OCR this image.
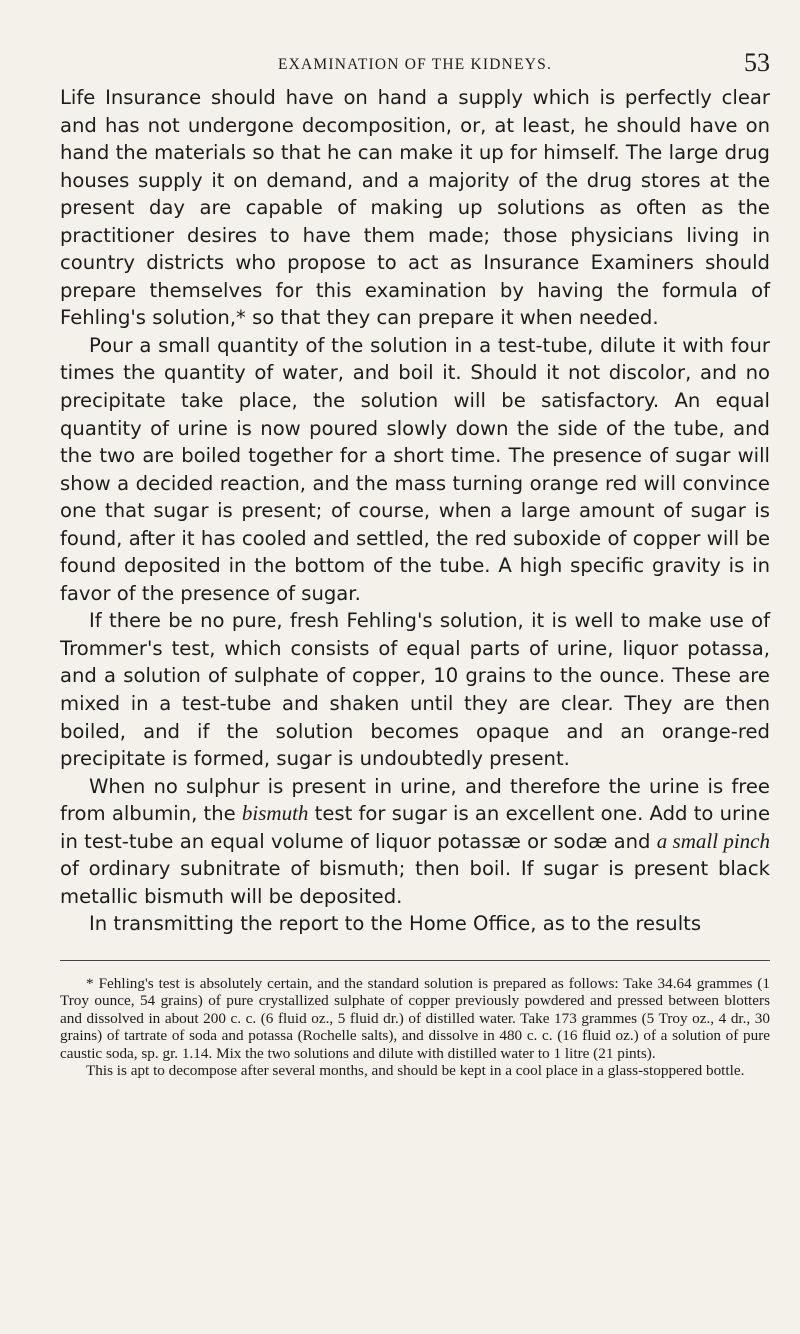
EXAMINATION OF THE KIDNEYS.	53

Life Insurance should have on hand a supply which is perfectly clear and has not undergone decomposition, or, at least, he should have on hand the materials so that he can make it up for himself. The large drug houses supply it on demand, and a majority of the drug stores at the present day are capable of making up solutions as often as the practitioner desires to have them made; those physicians living in country districts who propose to act as Insurance Examiners should prepare themselves for this examination by having the formula of Fehling's solution,* so that they can prepare it when needed.

Pour a small quantity of the solution in a test-tube, dilute it with four times the quantity of water, and boil it. Should it not discolor, and no precipitate take place, the solution will be satisfactory. An equal quantity of urine is now poured slowly down the side of the tube, and the two are boiled together for a short time. The presence of sugar will show a decided reaction, and the mass turning orange red will convince one that sugar is present; of course, when a large amount of sugar is found, after it has cooled and settled, the red suboxide of copper will be found deposited in the bottom of the tube. A high specific gravity is in favor of the presence of sugar.

If there be no pure, fresh Fehling's solution, it is well to make use of Trommer's test, which consists of equal parts of urine, liquor potassa, and a solution of sulphate of copper, 10 grains to the ounce. These are mixed in a test-tube and shaken until they are clear. They are then boiled, and if the solution becomes opaque and an orange-red precipitate is formed, sugar is undoubtedly present.

When no sulphur is present in urine, and therefore the urine is free from albumin, the bismuth test for sugar is an excellent one. Add to urine in test-tube an equal volume of liquor potassæ or sodæ and a small pinch of ordinary subnitrate of bismuth; then boil. If sugar is present black metallic bismuth will be deposited.

In transmitting the report to the Home Office, as to the results

* Fehling's test is absolutely certain, and the standard solution is prepared as follows: Take 34.64 grammes (1 Troy ounce, 54 grains) of pure crystallized sulphate of copper previously powdered and pressed between blotters and dissolved in about 200 c. c. (6 fluid oz., 5 fluid dr.) of distilled water. Take 173 grammes (5 Troy oz., 4 dr., 30 grains) of tartrate of soda and potassa (Rochelle salts), and dissolve in 480 c. c. (16 fluid oz.) of a solution of pure caustic soda, sp. gr. 1.14. Mix the two solutions and dilute with distilled water to 1 litre (21 pints).

This is apt to decompose after several months, and should be kept in a cool place in a glass-stoppered bottle.
